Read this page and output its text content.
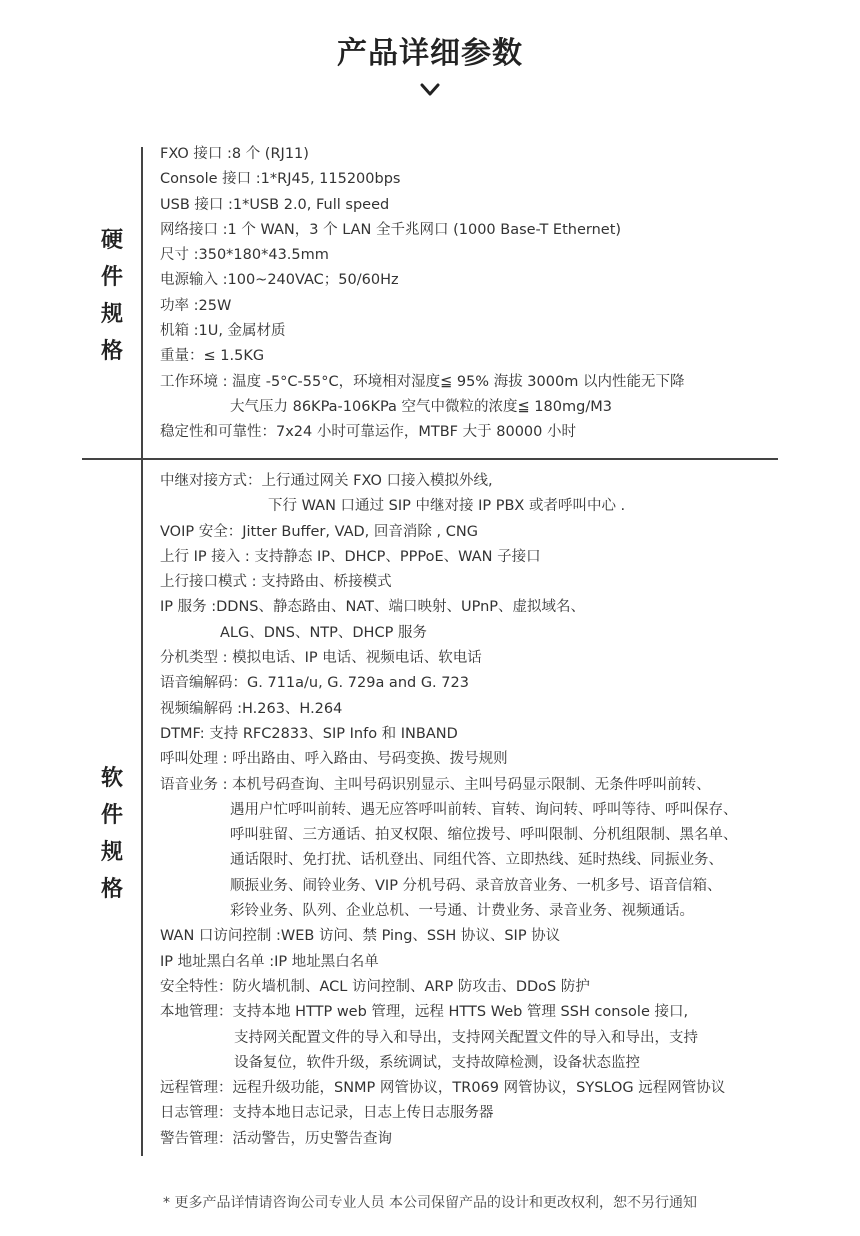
产品详细参数
硬
件
规
格
FXO 接口 :8 个 (RJ11)
Console 接口 :1*RJ45, 115200bps
USB 接口 :1*USB 2.0, Full speed
网络接口 :1 个 WAN，3 个 LAN 全千兆网口 (1000 Base-T Ethernet)
尺寸 :350*180*43.5mm
电源输入 :100~240VAC；50/60Hz
功率 :25W
机箱 :1U, 金属材质
重量：≤ 1.5KG
工作环境 : 温度 -5°C-55°C，环境相对湿度≦ 95% 海拔 3000m 以内性能无下降
大气压力 86KPa-106KPa 空气中微粒的浓度≦ 180mg/M3
稳定性和可靠性：7x24 小时可靠运作，MTBF 大于 80000 小时
软
件
规
格
中继对接方式：上行通过网关 FXO 口接入模拟外线,
下行 WAN 口通过 SIP 中继对接 IP PBX 或者呼叫中心 .
VOIP 安全：Jitter Buffer, VAD, 回音消除 , CNG
上行 IP 接入 : 支持静态 IP、DHCP、PPPoE、WAN 子接口
上行接口模式 : 支持路由、桥接模式
IP 服务 :DDNS、静态路由、NAT、端口映射、UPnP、虚拟域名、
ALG、DNS、NTP、DHCP 服务
分机类型 : 模拟电话、IP 电话、视频电话、软电话
语音编解码：G. 711a/u, G. 729a and G. 723
视频编解码 :H.263、H.264
DTMF: 支持 RFC2833、SIP Info 和 INBAND
呼叫处理 : 呼出路由、呼入路由、号码变换、拨号规则
语音业务 : 本机号码查询、主叫号码识别显示、主叫号码显示限制、无条件呼叫前转、
遇用户忙呼叫前转、遇无应答呼叫前转、盲转、询问转、呼叫等待、呼叫保存、
呼叫驻留、三方通话、拍叉权限、缩位拨号、呼叫限制、分机组限制、黑名单、
通话限时、免打扰、话机登出、同组代答、立即热线、延时热线、同振业务、
顺振业务、闹铃业务、VIP 分机号码、录音放音业务、一机多号、语音信箱、
彩铃业务、队列、企业总机、一号通、计费业务、录音业务、视频通话。
WAN 口访问控制 :WEB 访问、禁 Ping、SSH 协议、SIP 协议
IP 地址黑白名单 :IP 地址黑白名单
安全特性：防火墙机制、ACL 访问控制、ARP 防攻击、DDoS 防护
本地管理：支持本地 HTTP web 管理，远程 HTTS Web 管理 SSH console 接口,
支持网关配置文件的导入和导出，支持网关配置文件的导入和导出，支持
设备复位，软件升级，系统调试，支持故障检测，设备状态监控
远程管理：远程升级功能，SNMP 网管协议，TR069 网管协议，SYSLOG 远程网管协议
日志管理：支持本地日志记录，日志上传日志服务器
警告管理：活动警告，历史警告查询
* 更多产品详情请咨询公司专业人员 本公司保留产品的设计和更改权利，恕不另行通知
